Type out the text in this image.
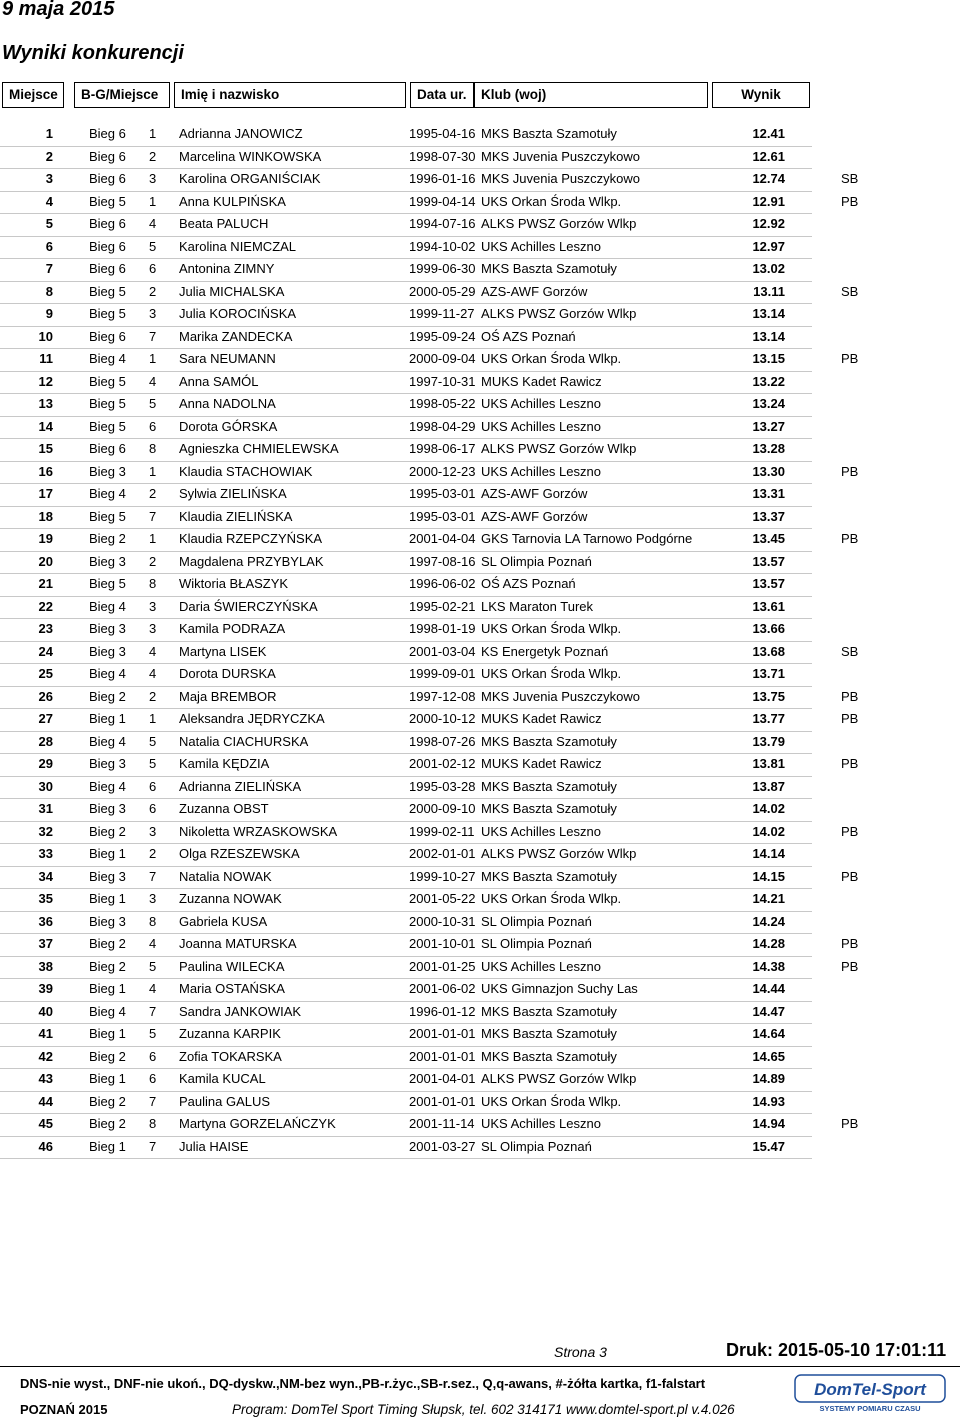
9 maja 2015
Wyniki konkurencji
Miejsce	B-G/Miejsce	Imię i nazwisko	Data ur.	Klub (woj)	Wynik
1	Bieg 6 1 Adrianna JANOWICZ	1995-04-16 MKS Baszta Szamotuły	12.41
2	Bieg 6 2 Marcelina WINKOWSKA	1998-07-30 MKS Juvenia Puszczykowo	12.61
3	Bieg 6 3 Karolina ORGANIŚCIAK	1996-01-16 MKS Juvenia Puszczykowo	12.74	SB
4	Bieg 5 1 Anna KULPIŃSKA	1999-04-14 UKS Orkan Środa Wlkp.	12.91	PB
5	Bieg 6 4 Beata PALUCH	1994-07-16 ALKS PWSZ Gorzów Wlkp	12.92
6	Bieg 6 5 Karolina NIEMCZAL	1994-10-02 UKS Achilles Leszno	12.97
7	Bieg 6 6 Antonina ZIMNY	1999-06-30 MKS Baszta Szamotuły	13.02
8	Bieg 5 2 Julia MICHALSKA	2000-05-29 AZS-AWF Gorzów	13.11	SB
9	Bieg 5 3 Julia KOROCIŃSKA	1999-11-27 ALKS PWSZ Gorzów Wlkp	13.14
10	Bieg 6 7 Marika ZANDECKA	1995-09-24 OŚ AZS Poznań	13.14
11	Bieg 4 1 Sara NEUMANN	2000-09-04 UKS Orkan Środa Wlkp.	13.15	PB
12	Bieg 5 4 Anna SAMÓL	1997-10-31 MUKS Kadet Rawicz	13.22
13	Bieg 5 5 Anna NADOLNA	1998-05-22 UKS Achilles Leszno	13.24
14	Bieg 5 6 Dorota GÓRSKA	1998-04-29 UKS Achilles Leszno	13.27
15	Bieg 6 8 Agnieszka CHMIELEWSKA	1998-06-17 ALKS PWSZ Gorzów Wlkp	13.28
16	Bieg 3 1 Klaudia STACHOWIAK	2000-12-23 UKS Achilles Leszno	13.30	PB
17	Bieg 4 2 Sylwia ZIELIŃSKA	1995-03-01 AZS-AWF Gorzów	13.31
18	Bieg 5 7 Klaudia ZIELIŃSKA	1995-03-01 AZS-AWF Gorzów	13.37
19	Bieg 2 1 Klaudia RZEPCZYŃSKA	2001-04-04 GKS Tarnovia LA Tarnowo Podgórne	13.45	PB
20	Bieg 3 2 Magdalena PRZYBYLAK	1997-08-16 SL Olimpia Poznań	13.57
21	Bieg 5 8 Wiktoria BŁASZYK	1996-06-02 OŚ AZS Poznań	13.57
22	Bieg 4 3 Daria ŚWIERCZYŃSKA	1995-02-21 LKS Maraton Turek	13.61
23	Bieg 3 3 Kamila PODRAZA	1998-01-19 UKS Orkan Środa Wlkp.	13.66
24	Bieg 3 4 Martyna LISEK	2001-03-04 KS Energetyk Poznań	13.68	SB
25	Bieg 4 4 Dorota DURSKA	1999-09-01 UKS Orkan Środa Wlkp.	13.71
26	Bieg 2 2 Maja BREMBOR	1997-12-08 MKS Juvenia Puszczykowo	13.75	PB
27	Bieg 1 1 Aleksandra JĘDRYCZKA	2000-10-12 MUKS Kadet Rawicz	13.77	PB
28	Bieg 4 5 Natalia CIACHURSKA	1998-07-26 MKS Baszta Szamotuły	13.79
29	Bieg 3 5 Kamila KĘDZIA	2001-02-12 MUKS Kadet Rawicz	13.81	PB
30	Bieg 4 6 Adrianna ZIELIŃSKA	1995-03-28 MKS Baszta Szamotuły	13.87
31	Bieg 3 6 Zuzanna OBST	2000-09-10 MKS Baszta Szamotuły	14.02
32	Bieg 2 3 Nikoletta WRZASKOWSKA	1999-02-11 UKS Achilles Leszno	14.02	PB
33	Bieg 1 2 Olga RZESZEWSKA	2002-01-01 ALKS PWSZ Gorzów Wlkp	14.14
34	Bieg 3 7 Natalia NOWAK	1999-10-27 MKS Baszta Szamotuły	14.15	PB
35	Bieg 1 3 Zuzanna NOWAK	2001-05-22 UKS Orkan Środa Wlkp.	14.21
36	Bieg 3 8 Gabriela KUSA	2000-10-31 SL Olimpia Poznań	14.24
37	Bieg 2 4 Joanna MATURSKA	2001-10-01 SL Olimpia Poznań	14.28	PB
38	Bieg 2 5 Paulina WILECKA	2001-01-25 UKS Achilles Leszno	14.38	PB
39	Bieg 1 4 Maria OSTAŃSKA	2001-06-02 UKS Gimnazjon Suchy Las	14.44
40	Bieg 4 7 Sandra JANKOWIAK	1996-01-12 MKS Baszta Szamotuły	14.47
41	Bieg 1 5 Zuzanna KARPIK	2001-01-01 MKS Baszta Szamotuły	14.64
42	Bieg 2 6 Zofia TOKARSKA	2001-01-01 MKS Baszta Szamotuły	14.65
43	Bieg 1 6 Kamila KUCAL	2001-04-01 ALKS PWSZ Gorzów Wlkp	14.89
44	Bieg 2 7 Paulina GALUS	2001-01-01 UKS Orkan Środa Wlkp.	14.93
45	Bieg 2 8 Martyna GORZELAŃCZYK	2001-11-14 UKS Achilles Leszno	14.94	PB
46	Bieg 1 7 Julia HAISE	2001-03-27 SL Olimpia Poznań	15.47
Strona 3	Druk: 2015-05-10 17:01:11
DNS-nie wyst., DNF-nie ukoń., DQ-dyskw.,NM-bez wyn.,PB-r.życ.,SB-r.sez., Q,q-awans, #-żółta kartka, f1-falstart
POZNAŃ 2015	Program: DomTel Sport Timing Słupsk, tel. 602 314171 www.domtel-sport.pl v.4.026
DomTel-Sport
SYSTEMY POMIARU CZASU
